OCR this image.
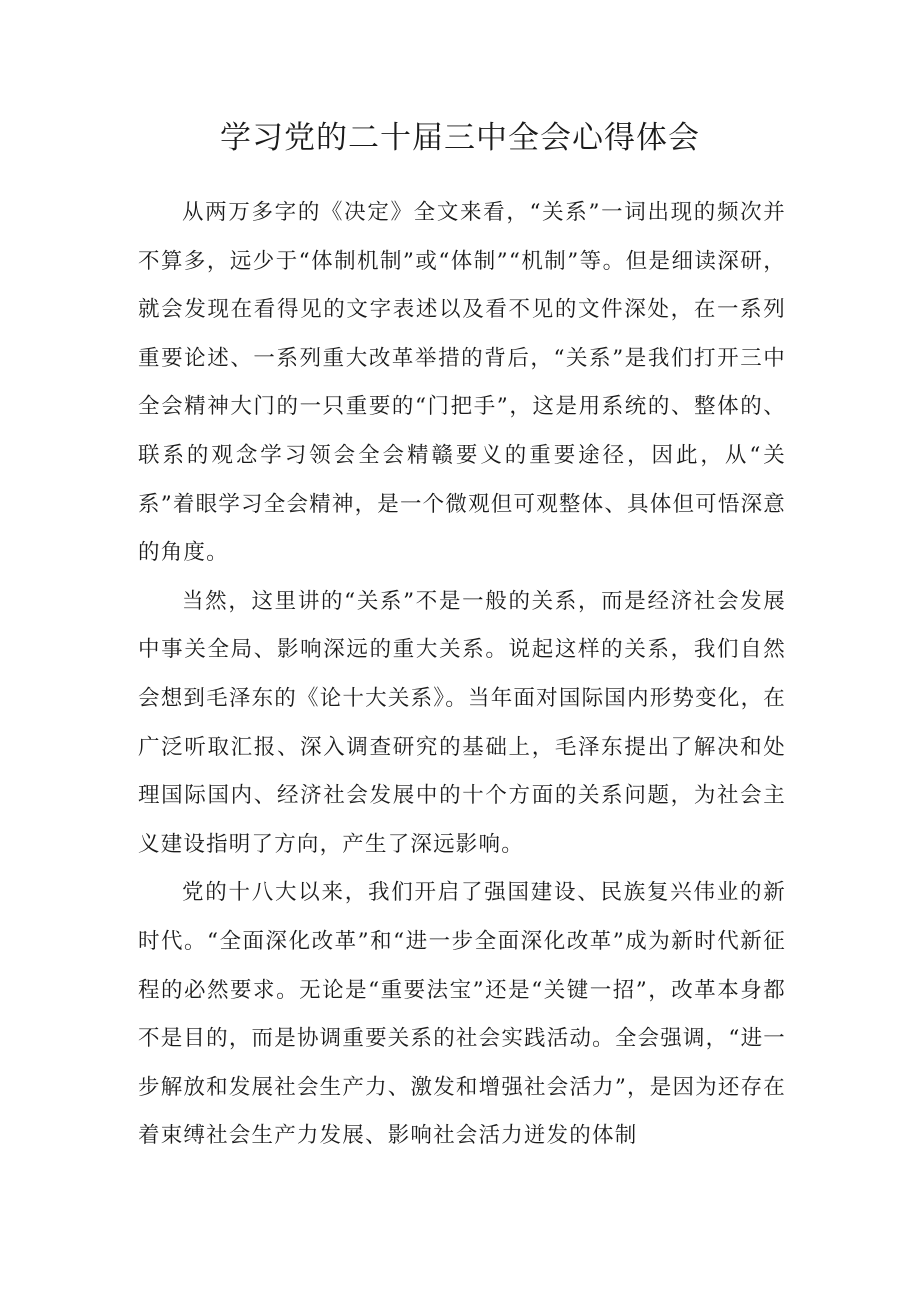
学习党的二十届三中全会心得体会

从两万多字的《决定》全文来看，“关系”一词出现的频次并不算多，远少于“体制机制”或“体制”“机制”等。但是细读深研，就会发现在看得见的文字表述以及看不见的文件深处，在一系列重要论述、一系列重大改革举措的背后，“关系”是我们打开三中全会精神大门的一只重要的“门把手”，这是用系统的、整体的、联系的观念学习领会全会精赣要义的重要途径，因此，从“关系”着眼学习全会精神，是一个微观但可观整体、具体但可悟深意的角度。

当然，这里讲的“关系”不是一般的关系，而是经济社会发展中事关全局、影响深远的重大关系。说起这样的关系，我们自然会想到毛泽东的《论十大关系》。当年面对国际国内形势变化，在广泛听取汇报、深入调查研究的基础上，毛泽东提出了解决和处理国际国内、经济社会发展中的十个方面的关系问题，为社会主义建设指明了方向，产生了深远影响。

党的十八大以来，我们开启了强国建设、民族复兴伟业的新时代。“全面深化改革”和“进一步全面深化改革”成为新时代新征程的必然要求。无论是“重要法宝”还是“关键一招”，改革本身都不是目的，而是协调重要关系的社会实践活动。全会强调，“进一步解放和发展社会生产力、激发和增强社会活力”，是因为还存在着束缚社会生产力发展、影响社会活力迸发的体制
